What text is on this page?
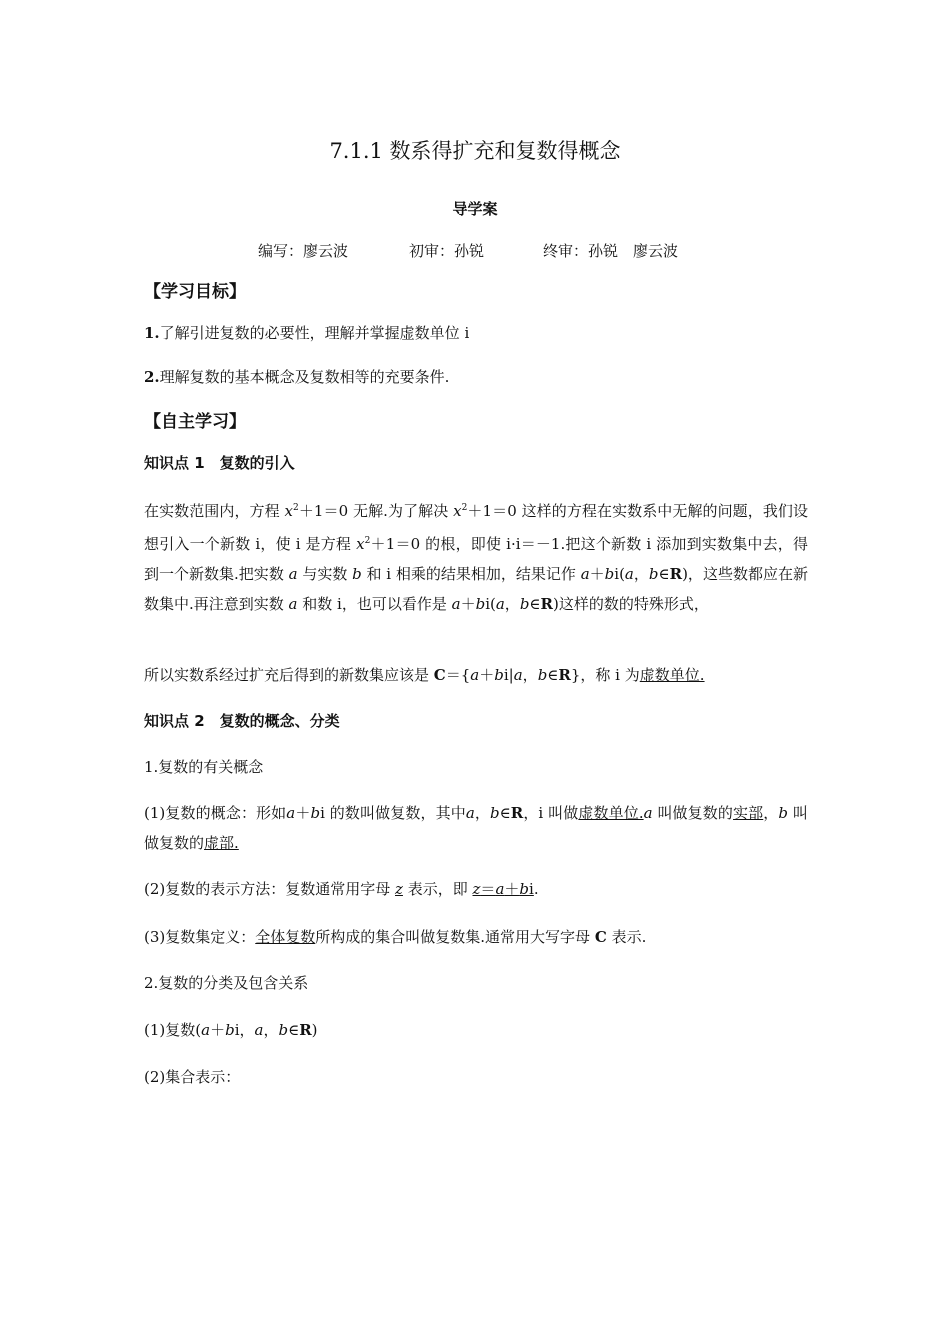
7.1.1 数系得扩充和复数得概念
导学案
编写：廖云波	初审：孙锐	终审：孙锐　廖云波
【学习目标】
1.了解引进复数的必要性，理解并掌握虚数单位 i
2.理解复数的基本概念及复数相等的充要条件.
【自主学习】
知识点 1　复数的引入
在实数范围内，方程 $x^2+1=0$ 无解.为了解决 $x^2+1=0$ 这样的方程在实数系中无解的问题，我们设想引入一个新数 i，使 i 是方程 $x^2+1=0$ 的根，即使 i·i＝－1.把这个新数 i 添加到实数集中去，得到一个新数集.把实数 a 与实数 b 和 i 相乘的结果相加，结果记作 a＋bi(a，b∈R)，这些数都应在新数集中.再注意到实数 a 和数 i，也可以看作是 a＋bi(a，b∈R)这样的数的特殊形式，
所以实数系经过扩充后得到的新数集应该是 C＝{a＋bi|a，b∈R}，称 i 为虚数单位.
知识点 2　复数的概念、分类
1.复数的有关概念
(1)复数的概念：形如a＋bi 的数叫做复数，其中a，b∈R，i 叫做虚数单位.a 叫做复数的实部，b 叫做复数的虚部.
(2)复数的表示方法：复数通常用字母 z 表示，即 z＝a＋bi.
(3)复数集定义：全体复数所构成的集合叫做复数集.通常用大写字母 C 表示.
2.复数的分类及包含关系
(1)复数(a＋bi，a，b∈R)
(2)集合表示：
